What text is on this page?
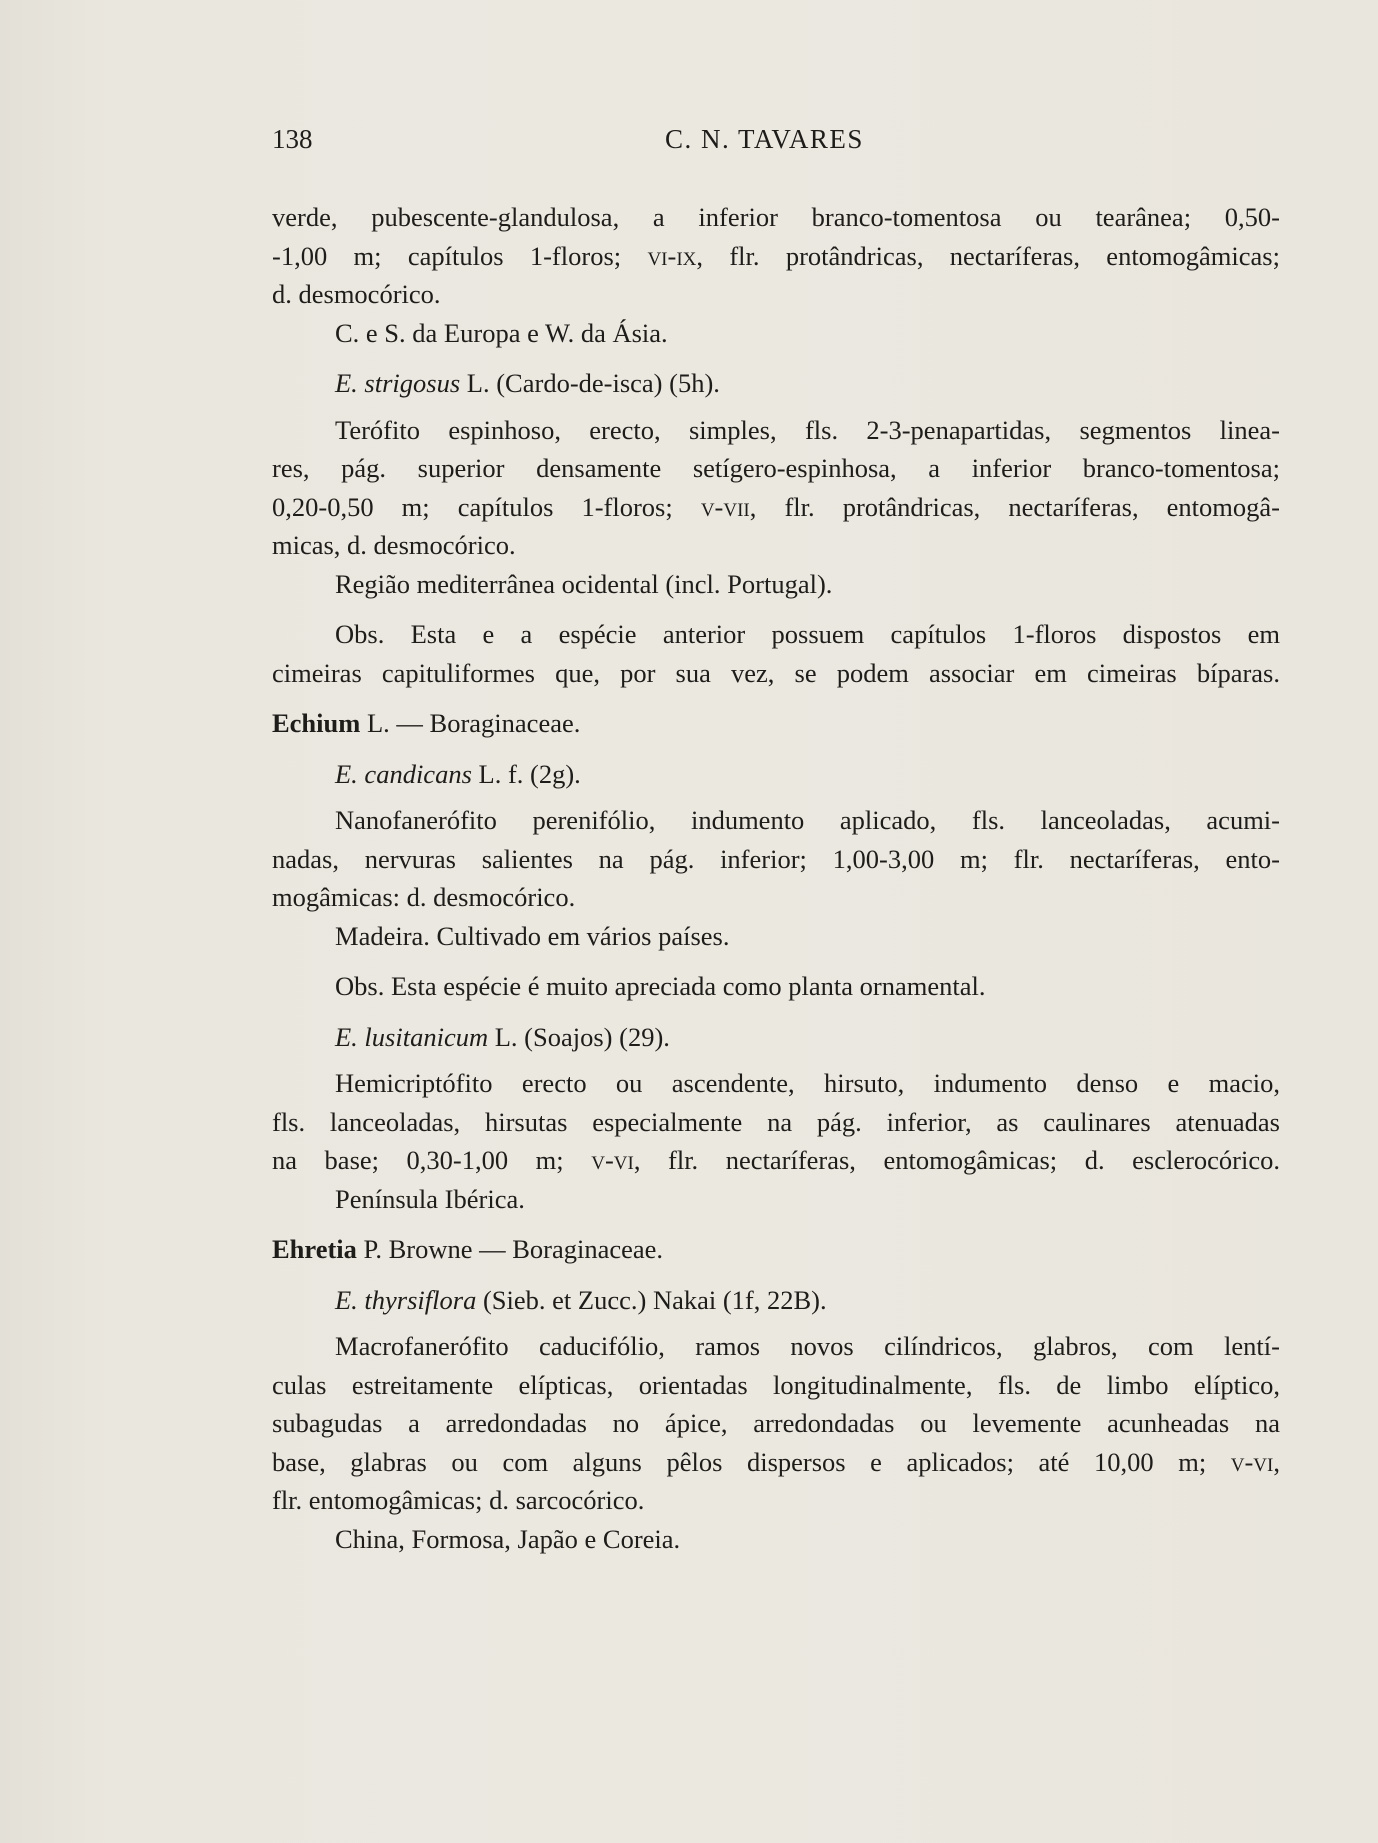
138	C. N. TAVARES
verde, pubescente-glandulosa, a inferior branco-tomentosa ou tearânea; 0,50-
-1,00 m; capítulos 1-floros; vi-ix, flr. protândricas, nectaríferas, entomogâmicas;
d. desmocórico.
C. e S. da Europa e W. da Ásia.
E. strigosus L. (Cardo-de-isca) (5h).
Terófito espinhoso, erecto, simples, fls. 2-3-penapartidas, segmentos linea-
res, pág. superior densamente setígero-espinhosa, a inferior branco-tomentosa;
0,20-0,50 m; capítulos 1-floros; v-vii, flr. protândricas, nectaríferas, entomogâ-
micas, d. desmocórico.
Região mediterrânea ocidental (incl. Portugal).
Obs. Esta e a espécie anterior possuem capítulos 1-floros dispostos em
cimeiras capituliformes que, por sua vez, se podem associar em cimeiras bíparas.
Echium L. — Boraginaceae.
E. candicans L. f. (2g).
Nanofanerófito perenifólio, indumento aplicado, fls. lanceoladas, acumi-
nadas, nervuras salientes na pág. inferior; 1,00-3,00 m; flr. nectaríferas, ento-
mogâmicas: d. desmocórico.
Madeira. Cultivado em vários países.
Obs. Esta espécie é muito apreciada como planta ornamental.
E. lusitanicum L. (Soajos) (29).
Hemicriptófito erecto ou ascendente, hirsuto, indumento denso e macio,
fls. lanceoladas, hirsutas especialmente na pág. inferior, as caulinares atenuadas
na base; 0,30-1,00 m; v-vi, flr. nectaríferas, entomogâmicas; d. esclerocórico.
Península Ibérica.
Ehretia P. Browne — Boraginaceae.
E. thyrsiflora (Sieb. et Zucc.) Nakai (1f, 22B).
Macrofanerófito caducifólio, ramos novos cilíndricos, glabros, com lentí-
culas estreitamente elípticas, orientadas longitudinalmente, fls. de limbo elíptico,
subagudas a arredondadas no ápice, arredondadas ou levemente acunheadas na
base, glabras ou com alguns pêlos dispersos e aplicados; até 10,00 m; v-vi,
flr. entomogâmicas; d. sarcocórico.
China, Formosa, Japão e Coreia.
